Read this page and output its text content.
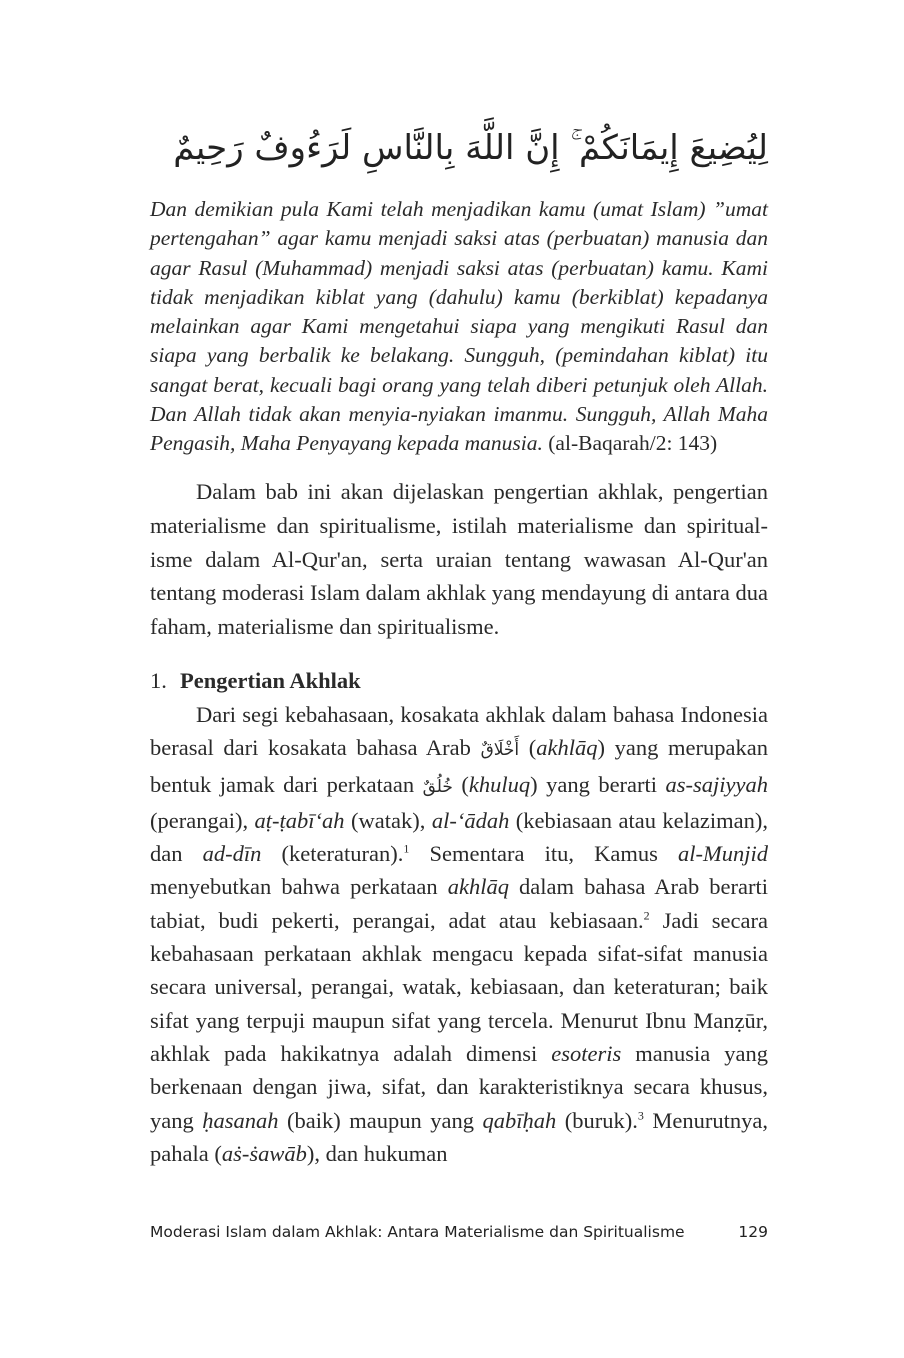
لِيُضِيعَ إِيمَانَكُمْ ۚ إِنَّ اللَّهَ بِالنَّاسِ لَرَءُوفٌ رَحِيمٌ
Dan demikian pula Kami telah menjadikan kamu (umat Islam) ”umat pertengahan” agar kamu menjadi saksi atas (perbuatan) manusia dan agar Rasul (Muhammad) menjadi saksi atas (perbuatan) kamu. Kami tidak menjadikan kiblat yang (dahulu) kamu (berkiblat) kepadanya melainkan agar Kami mengetahui siapa yang mengikuti Rasul dan siapa yang berbalik ke belakang. Sungguh, (pemindahan kiblat) itu sangat berat, kecuali bagi orang yang telah diberi petunjuk oleh Allah. Dan Allah tidak akan menyia-nyiakan imanmu. Sungguh, Allah Maha Pengasih, Maha Penyayang kepada manusia. (al-Baqarah/2: 143)

Dalam bab ini akan dijelaskan pengertian akhlak, pengertian materialisme dan spiritualisme, istilah materialisme dan spiritual-isme dalam Al-Qur'an, serta uraian tentang wawasan Al-Qur'an tentang moderasi Islam dalam akhlak yang mendayung di antara dua faham, materialisme dan spiritualisme.

1. Pengertian Akhlak

Dari segi kebahasaan, kosakata akhlak dalam bahasa Indonesia berasal dari kosakata bahasa Arab أَخْلَاقٌ (akhlāq) yang merupakan bentuk jamak dari perkataan خُلُقٌ (khuluq) yang berarti as-sajiyyah (perangai), aṭ-ṭabī‘ah (watak), al-‘ādah (kebiasaan atau kelaziman), dan ad-dīn (keteraturan).$^1$ Sementara itu, Kamus al-Munjid menyebutkan bahwa perkataan akhlāq dalam bahasa Arab berarti tabiat, budi pekerti, perangai, adat atau kebiasaan.$^2$ Jadi secara kebahasaan perkataan akhlak mengacu kepada sifat-sifat manusia secara universal, perangai, watak, kebiasaan, dan keteraturan; baik sifat yang terpuji maupun sifat yang tercela. Menurut Ibnu Manẓūr, akhlak pada hakikatnya adalah dimensi esoteris manusia yang berkenaan dengan jiwa, sifat, dan karakteristiknya secara khusus, yang ḥasanah (baik) maupun yang qabīḥah (buruk).$^3$ Menurutnya, pahala (aṡ-ṡawāb), dan hukuman

Moderasi Islam dalam Akhlak: Antara Materialisme dan Spiritualisme	129
